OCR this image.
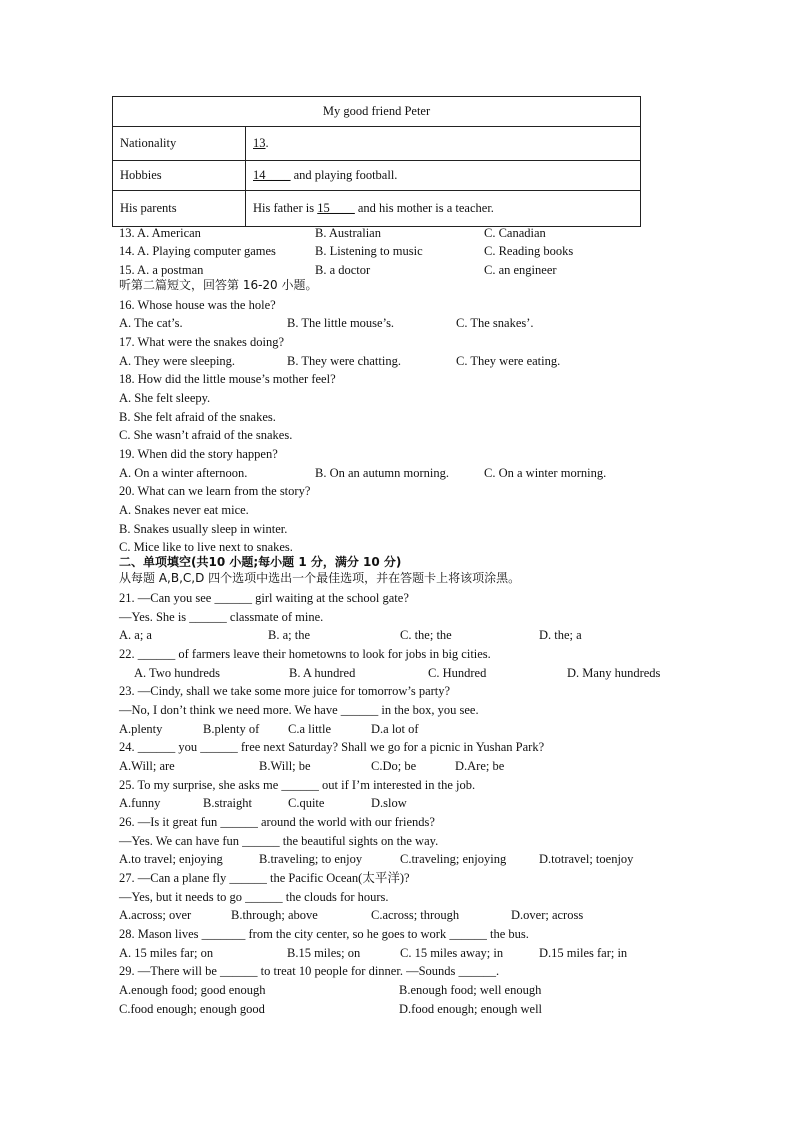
My good friend Peter	
Nationality	13.
Hobbies	14____ and playing football.
His parents	His father is 15____ and his mother is a teacher.
13. A. American	B. Australian	C. Canadian
14. A. Playing computer games	B. Listening to music	C. Reading books
15. A. a postman	B. a doctor	C. an engineer
听第二篇短文，回答第 16-20 小题。
16. Whose house was the hole?
A. The cat’s.	B. The little mouse’s.	C. The snakes’.
17. What were the snakes doing?
A. They were sleeping.	B. They were chatting.	C. They were eating.
18. How did the little mouse’s mother feel?
A. She felt sleepy.
B. She felt afraid of the snakes.
C. She wasn’t afraid of the snakes.
19. When did the story happen?
A. On a winter afternoon.	B. On an autumn morning.	C. On a winter morning.
20. What can we learn from the story?
A. Snakes never eat mice.
B. Snakes usually sleep in winter.
C. Mice like to live next to snakes.
二、单项填空(共10 小题;每小题 1 分，满分 10 分)
从每题 A,B,C,D 四个选项中选出一个最佳选项，并在答题卡上将该项涂黑。
21. —Can you see ______ girl waiting at the school gate?
—Yes. She is ______ classmate of mine.
A. a; a	B. a; the	C. the; the	D. the; a
22. ______ of farmers leave their hometowns to look for jobs in big cities.
A. Two hundreds	B. A hundred	C. Hundred	D. Many hundreds
23. —Cindy, shall we take some more juice for tomorrow’s party?
—No, I don’t think we need more. We have ______ in the box, you see.
A.plenty	B.plenty of C.a little	D.a lot of
24. ______ you ______ free next Saturday? Shall we go for a picnic in Yushan Park?
A.Will; are	B.Will; be	C.Do; be	D.Are; be
25. To my surprise, she asks me ______ out if I’m interested in the job.
A.funny	B.straight	C.quite	D.slow
26. —Is it great fun ______ around the world with our friends?
—Yes. We can have fun ______ the beautiful sights on the way.
A.to travel; enjoying	B.traveling; to enjoy	C.traveling; enjoying	D.totravel; toenjoy
27. —Can a plane fly ______ the Pacific Ocean(太平洋)?
—Yes, but it needs to go ______ the clouds for hours.
A.across; over	B.through; above	C.across; through	D.over; across
28. Mason lives _______ from the city center, so he goes to work ______ the bus.
A. 15 miles far; on	B.15 miles; on	C. 15 miles away; in	D.15 miles far; in
29. —There will be ______ to treat 10 people for dinner. —Sounds ______.
A.enough food; good enough	B.enough food; well enough
C.food enough; enough good	D.food enough; enough well
